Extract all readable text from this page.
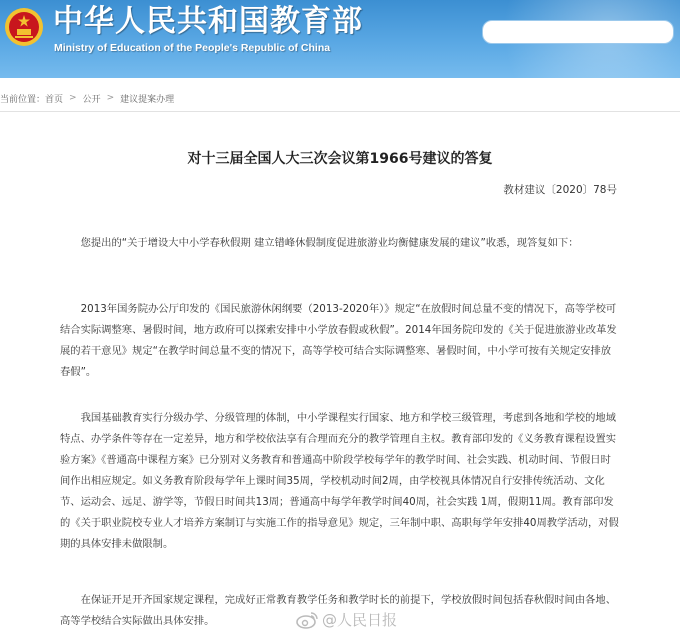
中华人民共和国教育部
Ministry of Education of the People's Republic of China
当前位置： 首页 > 公开 > 建议提案办理
对十三届全国人大三次会议第1966号建议的答复
教材建议〔2020〕78号

您提出的“关于增设大中小学春秋假期 建立错峰休假制度促进旅游业均衡健康发展的建议”收悉，现答复如下：

2013年国务院办公厅印发的《国民旅游休闲纲要（2013-2020年）》规定“在放假时间总量不变的情况下，高等学校可结合实际调整寒、暑假时间，地方政府可以探索安排中小学放春假或秋假”。2014年国务院印发的《关于促进旅游业改革发展的若干意见》规定“在教学时间总量不变的情况下，高等学校可结合实际调整寒、暑假时间，中小学可按有关规定安排放春假”。

我国基础教育实行分级办学、分级管理的体制，中小学课程实行国家、地方和学校三级管理，考虑到各地和学校的地域特点、办学条件等存在一定差异，地方和学校依法享有合理而充分的教学管理自主权。教育部印发的《义务教育课程设置实验方案》《普通高中课程方案》已分别对义务教育和普通高中阶段学校每学年的教学时间、社会实践、机动时间、节假日时间作出相应规定。如义务教育阶段每学年上课时间35周，学校机动时间2周，由学校视具体情况自行安排传统活动、文化节、运动会、远足、游学等，节假日时间共13周；普通高中每学年教学时间40周，社会实践 1周，假期11周。教育部印发的《关于职业院校专业人才培养方案制订与实施工作的指导意见》规定，三年制中职、高职每学年安排40周教学活动，对假期的具体安排未做限制。

在保证开足开齐国家规定课程，完成好正常教育教学任务和教学时长的前提下，学校放假时间包括春秋假时间由各地、高等学校结合实际做出具体安排。	@人民日报
